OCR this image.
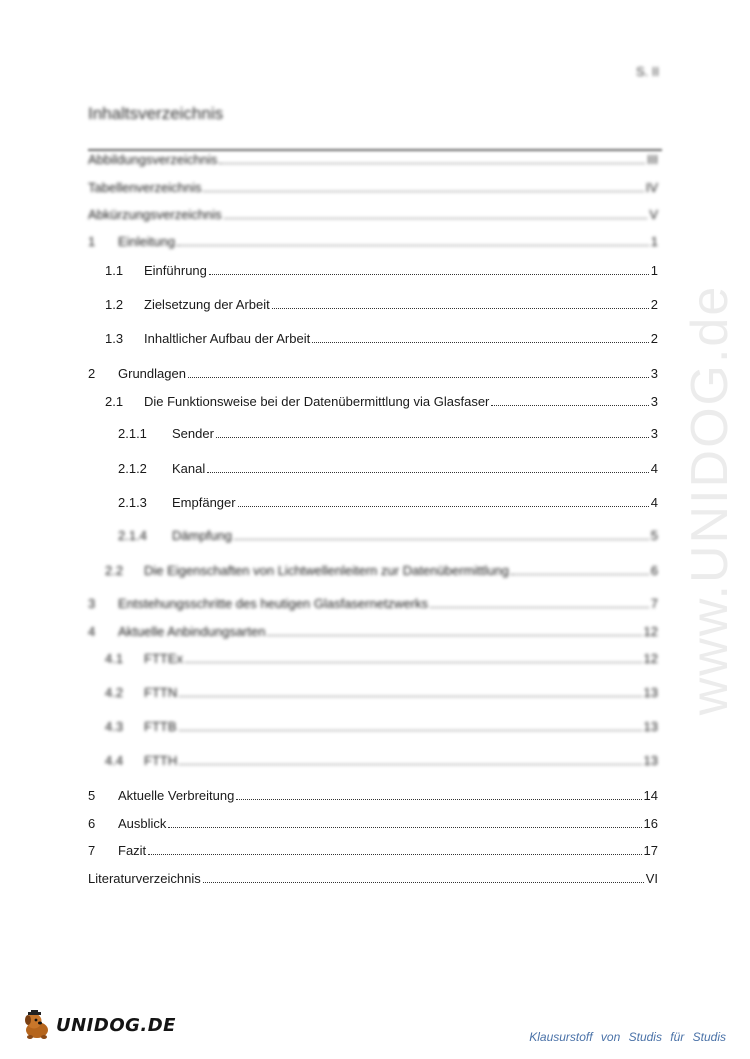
S. II
Inhaltsverzeichnis
Abbildungsverzeichnis	III
Tabellenverzeichnis	IV
Abkürzungsverzeichnis	V
1	Einleitung	1
1.1	Einführung	1
1.2	Zielsetzung der Arbeit	2
1.3	Inhaltlicher Aufbau der Arbeit	2
2	Grundlagen	3
2.1	Die Funktionsweise bei der Datenübermittlung via Glasfaser	3
2.1.1	Sender	3
2.1.2	Kanal	4
2.1.3	Empfänger	4
2.1.4	Dämpfung	5
2.2	Die Eigenschaften von Lichtwellenleitern zur Datenübermittlung	6
3	Entstehungsschritte des heutigen Glasfasernetzwerks	7
4	Aktuelle Anbindungsarten	12
4.1	FTTEx	12
4.2	FTTN	13
4.3	FTTB	13
4.4	FTTH	13
5	Aktuelle Verbreitung	14
6	Ausblick	16
7	Fazit	17
Literaturverzeichnis	VI
www.UNIDOG.de
UNIDOG.DE
Klausurstoff von Studis für Studis
